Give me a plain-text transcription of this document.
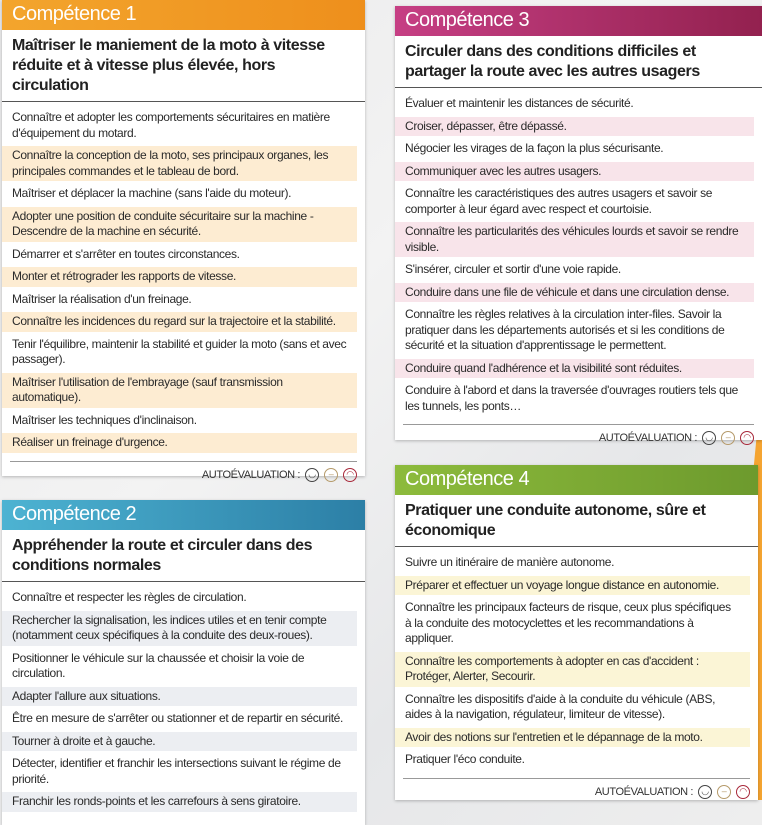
Compétence 1
Maîtriser le maniement de la moto à vitesse réduite et à vitesse plus élevée, hors circulation
Connaître et adopter les comportements sécuritaires en matière d'équipement du motard.
Connaître la conception de la moto, ses principaux organes, les principales commandes et le tableau de bord.
Maîtriser et déplacer la machine (sans l'aide du moteur).
Adopter une position de conduite sécuritaire sur la machine - Descendre de la machine en sécurité.
Démarrer et s'arrêter en toutes circonstances.
Monter et rétrograder les rapports de vitesse.
Maîtriser la réalisation d'un freinage.
Connaître les incidences du regard sur la trajectoire et la stabilité.
Tenir l'équilibre, maintenir la stabilité et guider la moto (sans et avec passager).
Maîtriser l'utilisation de l'embrayage (sauf transmission automatique).
Maîtriser les techniques d'inclinaison.
Réaliser un freinage d'urgence.
AUTOÉVALUATION : ◡ – ◠
Compétence 3
Circuler dans des conditions difficiles et partager la route avec les autres usagers
Évaluer et maintenir les distances de sécurité.
Croiser, dépasser, être dépassé.
Négocier les virages de la façon la plus sécurisante.
Communiquer avec les autres usagers.
Connaître les caractéristiques des autres usagers et savoir se comporter à leur égard avec respect et courtoisie.
Connaître les particularités des véhicules lourds et savoir se rendre visible.
S'insérer, circuler et sortir d'une voie rapide.
Conduire dans une file de véhicule et dans une circulation dense.
Connaître les règles relatives à la circulation inter-files. Savoir la pratiquer dans les départements autorisés et si les conditions de sécurité et la situation d'apprentissage le permettent.
Conduire quand l'adhérence et la visibilité sont réduites.
Conduire à l'abord et dans la traversée d'ouvrages routiers tels que les tunnels, les ponts…
AUTOÉVALUATION : ◡ – ◠
Compétence 2
Appréhender la route et circuler dans des conditions normales
Connaître et respecter les règles de circulation.
Rechercher la signalisation, les indices utiles et en tenir compte (notamment ceux spécifiques à la conduite des deux-roues).
Positionner le véhicule sur la chaussée et choisir la voie de circulation.
Adapter l'allure aux situations.
Être en mesure de s'arrêter ou stationner et de repartir en sécurité.
Tourner à droite et à gauche.
Détecter, identifier et franchir les intersections suivant le régime de priorité.
Franchir les ronds-points et les carrefours à sens giratoire.
Compétence 4
Pratiquer une conduite autonome, sûre et économique
Suivre un itinéraire de manière autonome.
Préparer et effectuer un voyage longue distance en autonomie.
Connaître les principaux facteurs de risque, ceux plus spécifiques à la conduite des motocyclettes et les recommandations à appliquer.
Connaître les comportements à adopter en cas d'accident : Protéger, Alerter, Secourir.
Connaître les dispositifs d'aide à la conduite du véhicule (ABS, aides à la navigation, régulateur, limiteur de vitesse).
Avoir des notions sur l'entretien et le dépannage de la moto.
Pratiquer l'éco conduite.
AUTOÉVALUATION : ◡ – ◠
